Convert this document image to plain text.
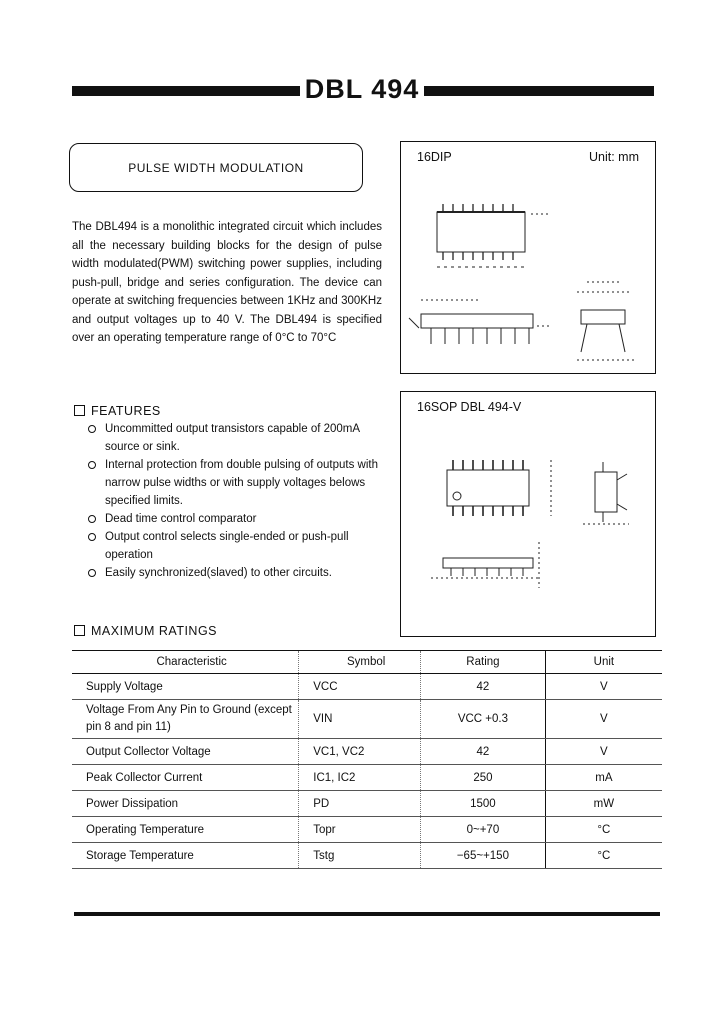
DBL 494
PULSE WIDTH MODULATION

The DBL494 is a monolithic integrated circuit which includes all the necessary building blocks for the design of pulse width modulated(PWM) switching power supplies, including push-pull, bridge and series configuration. The device can operate at switching frequencies between 1KHz and 300KHz and output voltages up to 40 V. The DBL494 is specified over an operating temperature range of 0°C to 70°C

16DIP	Unit: mm
16SOP DBL 494-V
FEATURES
Uncommitted output transistors capable of 200mA source or sink.
Internal protection from double pulsing of outputs with narrow pulse widths or with supply voltages belows specified limits.
Dead time control comparator
Output control selects single-ended or push-pull operation
Easily synchronized(slaved) to other circuits.
MAXIMUM RATINGS
Characteristic	Symbol	Rating	Unit
Supply Voltage	VCC	42	V
Voltage From Any Pin to Ground (except pin 8 and pin 11)	VIN	VCC +0.3	V
Output Collector Voltage	VC1, VC2	42	V
Peak Collector Current	IC1, IC2	250	mA
Power Dissipation	PD	1500	mW
Operating Temperature	Topr	0~+70	°C
Storage Temperature	Tstg	−65~+150	°C
